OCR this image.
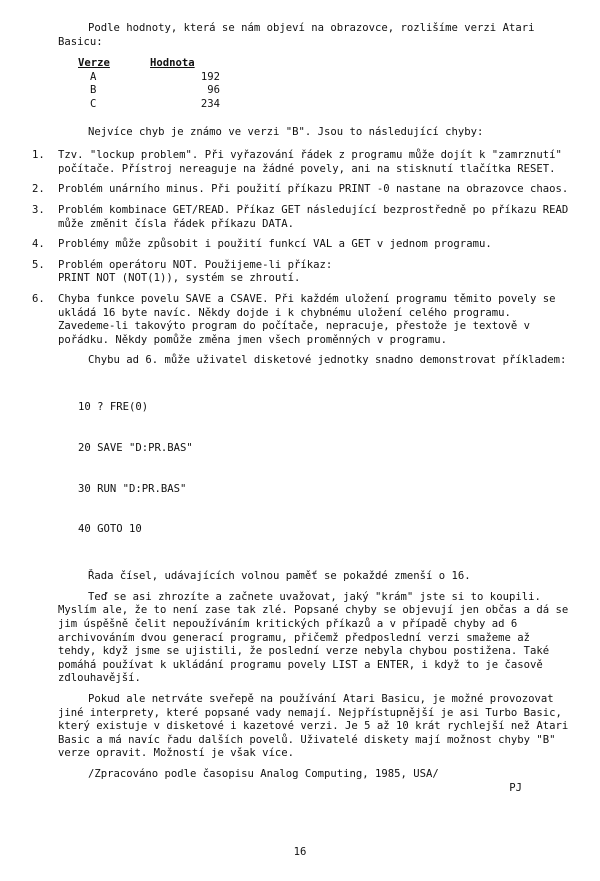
Podle hodnoty, která se nám objeví na obrazovce, rozlišíme verzi Atari Basicu:

Verze	Hodnota
A	192
B	96
C	234

Nejvíce chyb je známo ve verzi "B". Jsou to následující chyby:

1.	Tzv. "lockup problem". Při vyřazování řádek z programu může dojít k "zamrznutí" počítače. Přístroj nereaguje na žádné povely, ani na stisknutí tlačítka RESET.
2.	Problém unárního minus. Při použití příkazu PRINT -0 nastane na obrazovce chaos.
3.	Problém kombinace GET/READ. Příkaz GET následující bezprostředně po příkazu READ může změnit čísla řádek příkazu DATA.
4.	Problémy může způsobit i použití funkcí VAL a GET v jednom programu.
5.	Problém operátoru NOT. Použijeme-li příkaz:
PRINT NOT (NOT(1)), systém se zhroutí.
6.	Chyba funkce povelu SAVE a CSAVE. Při každém uložení programu těmito povely se ukládá 16 byte navíc. Někdy dojde i k chybnému uložení celého programu. Zavedeme-li takovýto program do počítače, nepracuje, přestože je textově v pořádku. Někdy pomůže změna jmen všech proměnných v programu.

Chybu ad 6. může uživatel disketové jednotky snadno demonstrovat příkladem:

10 ? FRE(0)

20 SAVE "D:PR.BAS"

30 RUN "D:PR.BAS"

40 GOTO 10

Řada čísel, udávajících volnou paměť se pokaždé zmenší o 16.

Teď se asi zhrozíte a začnete uvažovat, jaký "krám" jste si to koupili. Myslím ale, že to není zase tak zlé. Popsané chyby se objevují jen občas a dá se jim úspěšně čelit nepoužíváním kritických příkazů a v případě chyby ad 6 archivováním dvou generací programu, přičemž předposlední verzi smažeme až tehdy, když jsme se ujistili, že poslední verze nebyla chybou postižena. Také pomáhá používat k ukládání programu povely LIST a ENTER, i když to je časově zdlouhavější.

Pokud ale netrváte sveřepě na používání Atari Basicu, je možné provozovat jiné interprety, které popsané vady nemají. Nejpřístupnější je asi Turbo Basic, který existuje v disketové i kazetové verzi. Je 5 až 10 krát rychlejší než Atari Basic a má navíc řadu dalších povelů. Uživatelé diskety mají možnost chyby "B" verze opravit. Možností je však více.

/Zpracováno podle časopisu Analog Computing, 1985, USA/

PJ

16
